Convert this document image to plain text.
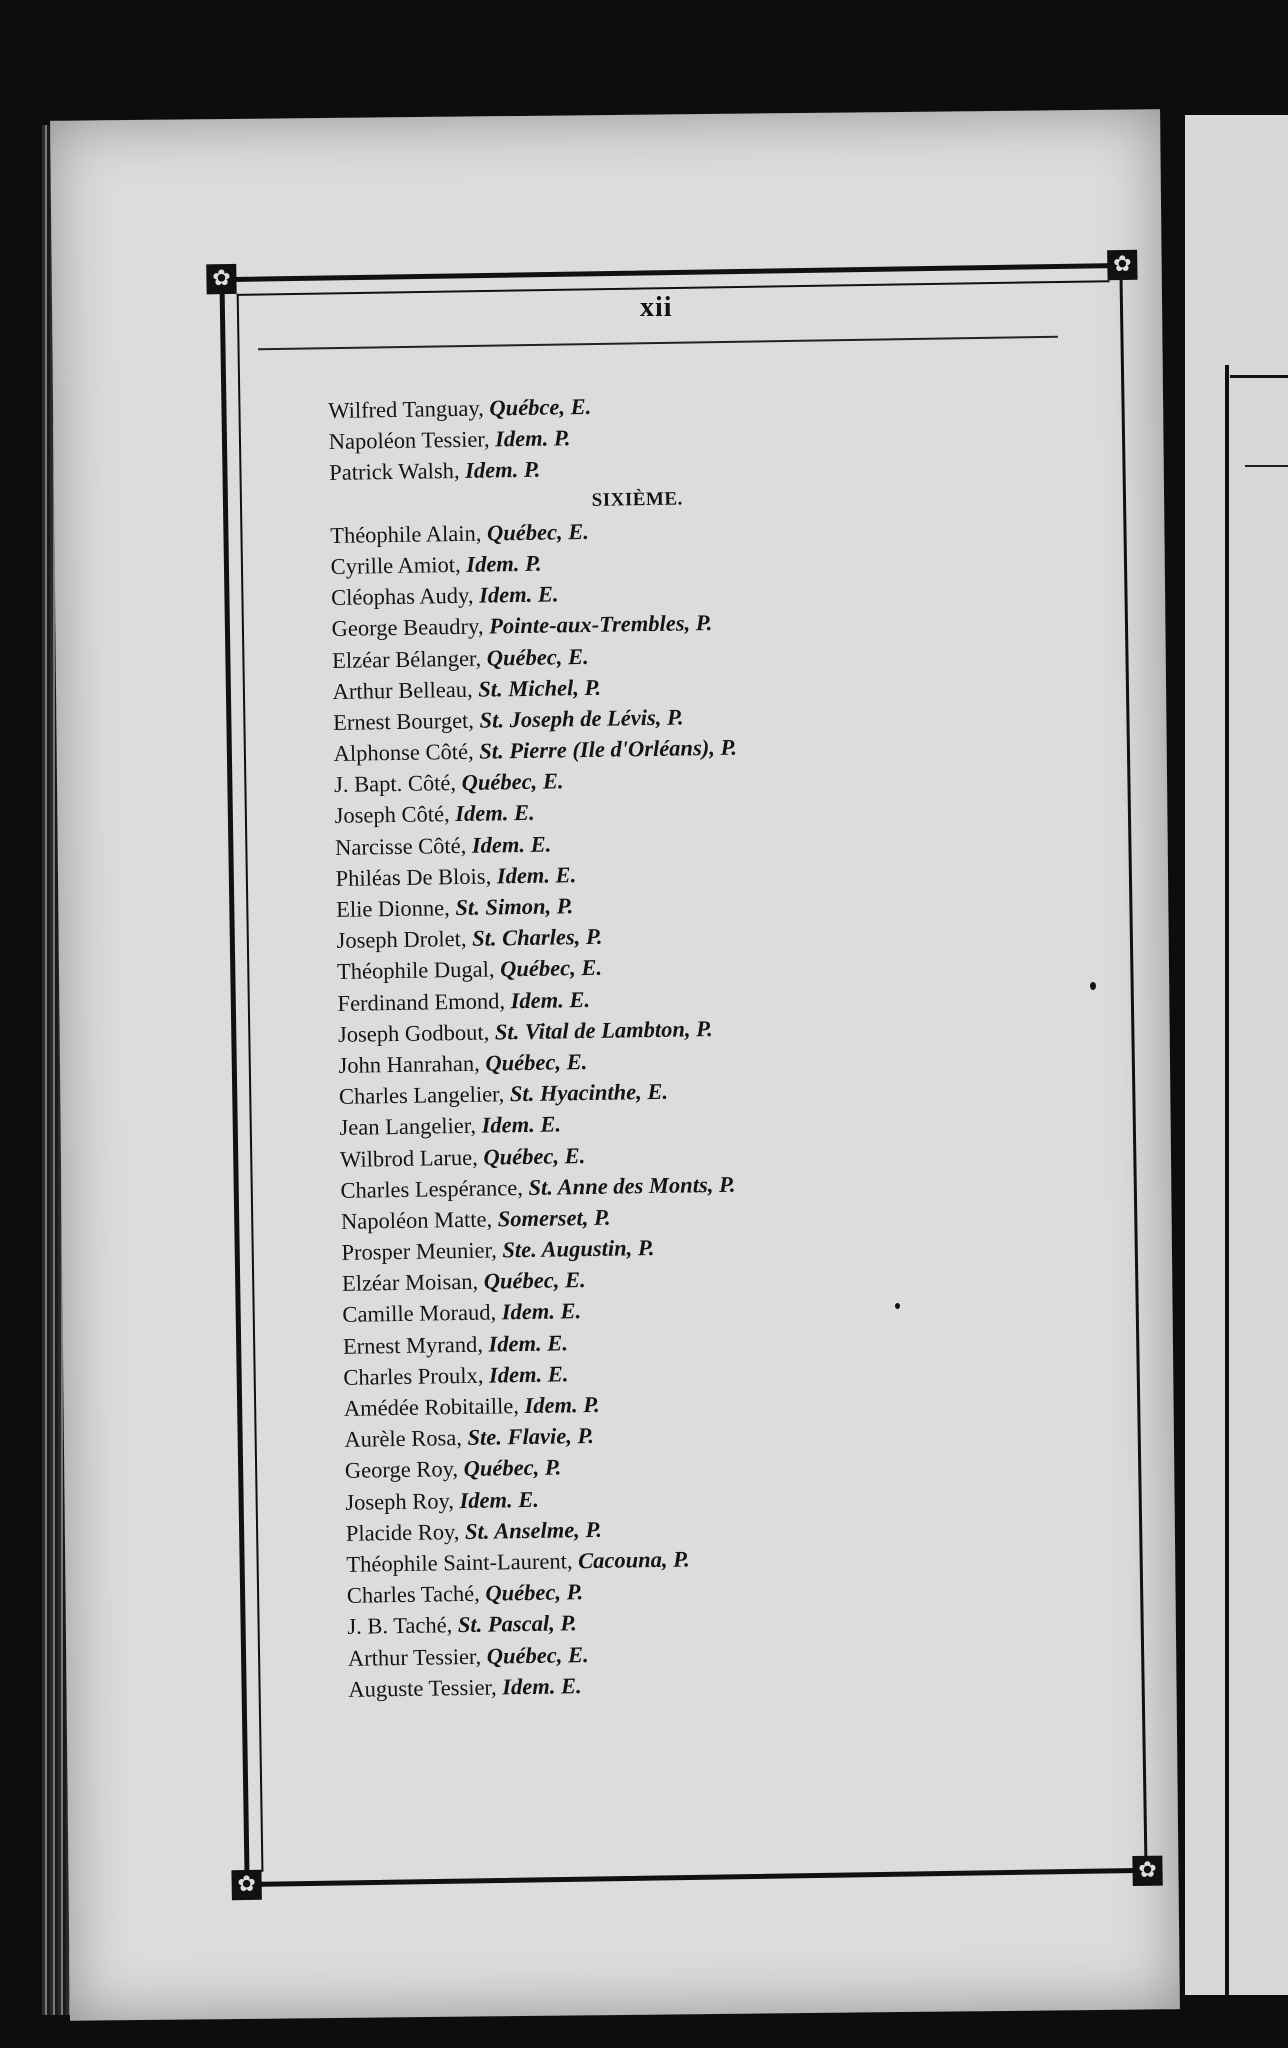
✿
✿
✿
✿
xii
Wilfred Tanguay, Québce, E.
Napoléon Tessier, Idem. P.
Patrick Walsh, Idem. P.
SIXIÈME.
Théophile Alain, Québec, E.
Cyrille Amiot, Idem. P.
Cléophas Audy, Idem. E.
George Beaudry, Pointe-aux-Trembles, P.
Elzéar Bélanger, Québec, E.
Arthur Belleau, St. Michel, P.
Ernest Bourget, St. Joseph de Lévis, P.
Alphonse Côté, St. Pierre (Ile d'Orléans), P.
J. Bapt. Côté, Québec, E.
Joseph Côté, Idem. E.
Narcisse Côté, Idem. E.
Philéas De Blois, Idem. E.
Elie Dionne, St. Simon, P.
Joseph Drolet, St. Charles, P.
Théophile Dugal, Québec, E.
Ferdinand Emond, Idem. E.
Joseph Godbout, St. Vital de Lambton, P.
John Hanrahan, Québec, E.
Charles Langelier, St. Hyacinthe, E.
Jean Langelier, Idem. E.
Wilbrod Larue, Québec, E.
Charles Lespérance, St. Anne des Monts, P.
Napoléon Matte, Somerset, P.
Prosper Meunier, Ste. Augustin, P.
Elzéar Moisan, Québec, E.
Camille Moraud, Idem. E.
Ernest Myrand, Idem. E.
Charles Proulx, Idem. E.
Amédée Robitaille, Idem. P.
Aurèle Rosa, Ste. Flavie, P.
George Roy, Québec, P.
Joseph Roy, Idem. E.
Placide Roy, St. Anselme, P.
Théophile Saint-Laurent, Cacouna, P.
Charles Taché, Québec, P.
J. B. Taché, St. Pascal, P.
Arthur Tessier, Québec, E.
Auguste Tessier, Idem. E.
